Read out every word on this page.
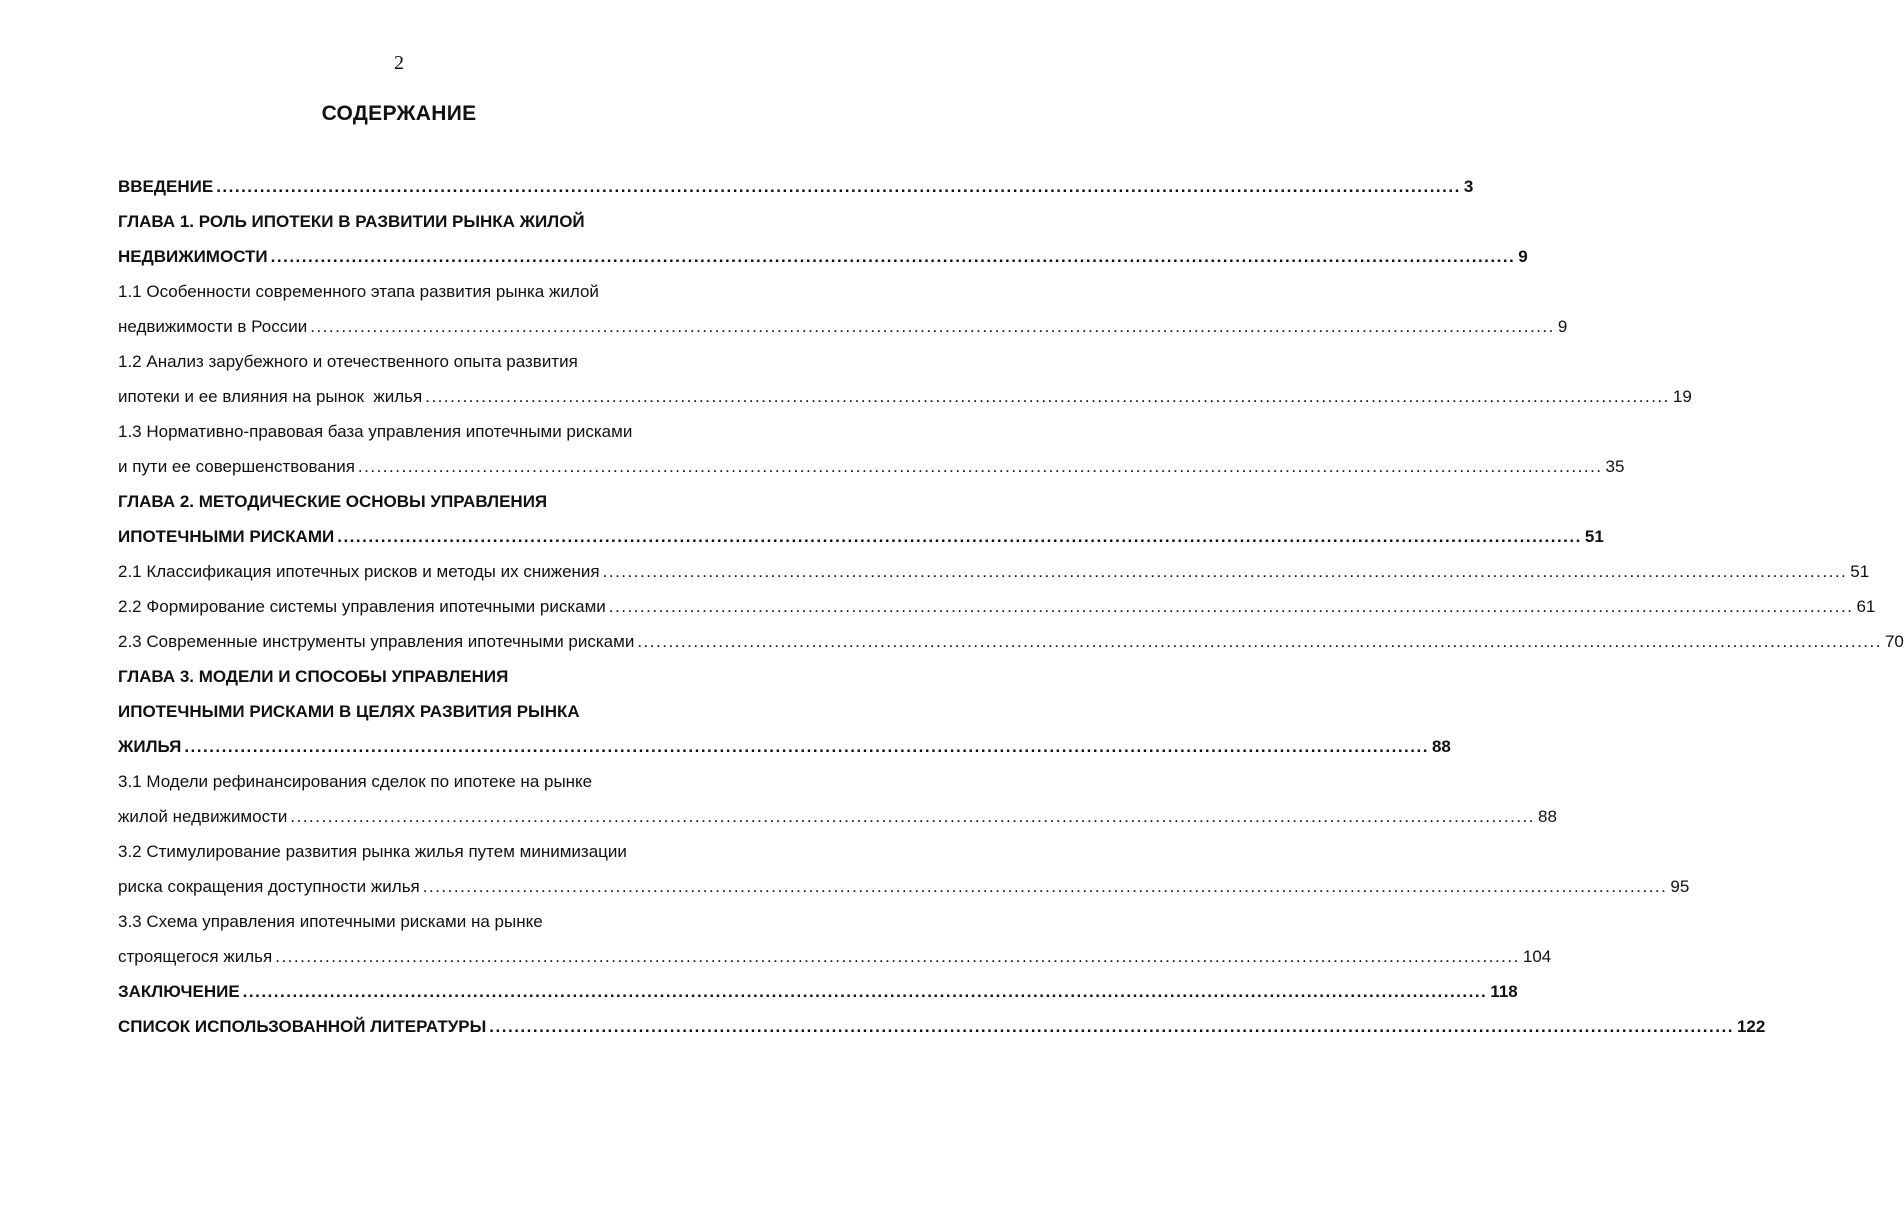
2
СОДЕРЖАНИЕ
ВВЕДЕНИЕ ........................................................................................................................................................................................................ 3
ГЛАВА 1. РОЛЬ ИПОТЕКИ В РАЗВИТИИ РЫНКА ЖИЛОЙ
НЕДВИЖИМОСТИ ........................................................................................................................................................................................................ 9
1.1 Особенности современного этапа развития рынка жилой
недвижимости в России ........................................................................................................................................................................................................ 9
1.2 Анализ зарубежного и отечественного опыта развития
ипотеки и ее влияния на рынок  жилья ........................................................................................................................................................................................................ 19
1.3 Нормативно-правовая база управления ипотечными рисками
и пути ее совершенствования ........................................................................................................................................................................................................ 35
ГЛАВА 2. МЕТОДИЧЕСКИЕ ОСНОВЫ УПРАВЛЕНИЯ
ИПОТЕЧНЫМИ РИСКАМИ ........................................................................................................................................................................................................ 51
2.1 Классификация ипотечных рисков и методы их снижения ........................................................................................................................................................................................................ 51
2.2 Формирование системы управления ипотечными рисками ........................................................................................................................................................................................................ 61
2.3 Современные инструменты управления ипотечными рисками ........................................................................................................................................................................................................ 70
ГЛАВА 3. МОДЕЛИ И СПОСОБЫ УПРАВЛЕНИЯ
ИПОТЕЧНЫМИ РИСКАМИ В ЦЕЛЯХ РАЗВИТИЯ РЫНКА
ЖИЛЬЯ ........................................................................................................................................................................................................ 88
3.1 Модели рефинансирования сделок по ипотеке на рынке
жилой недвижимости ........................................................................................................................................................................................................ 88
3.2 Стимулирование развития рынка жилья путем минимизации
риска сокращения доступности жилья ........................................................................................................................................................................................................ 95
3.3 Схема управления ипотечными рисками на рынке
строящегося жилья ........................................................................................................................................................................................................ 104
ЗАКЛЮЧЕНИЕ ........................................................................................................................................................................................................ 118
СПИСОК ИСПОЛЬЗОВАННОЙ ЛИТЕРАТУРЫ ........................................................................................................................................................................................................ 122
